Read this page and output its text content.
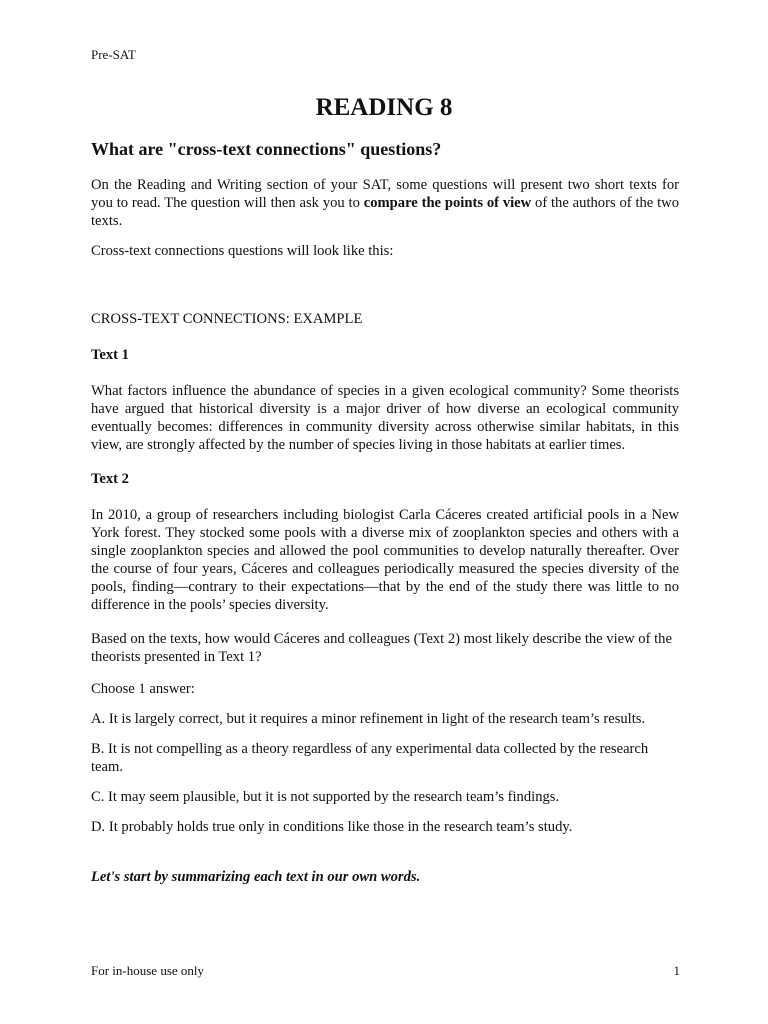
Pre-SAT
READING 8
What are "cross-text connections" questions?

On the Reading and Writing section of your SAT, some questions will present two short texts for you to read. The question will then ask you to compare the points of view of the authors of the two texts.

Cross-text connections questions will look like this:

CROSS-TEXT CONNECTIONS: EXAMPLE

Text 1

What factors influence the abundance of species in a given ecological community? Some theorists have argued that historical diversity is a major driver of how diverse an ecological community eventually becomes: differences in community diversity across otherwise similar habitats, in this view, are strongly affected by the number of species living in those habitats at earlier times.

Text 2

In 2010, a group of researchers including biologist Carla Cáceres created artificial pools in a New York forest. They stocked some pools with a diverse mix of zooplankton species and others with a single zooplankton species and allowed the pool communities to develop naturally thereafter. Over the course of four years, Cáceres and colleagues periodically measured the species diversity of the pools, finding—contrary to their expectations—that by the end of the study there was little to no difference in the pools’ species diversity.

Based on the texts, how would Cáceres and colleagues (Text 2) most likely describe the view of the theorists presented in Text 1?

Choose 1 answer:

A. It is largely correct, but it requires a minor refinement in light of the research team’s results.

B. It is not compelling as a theory regardless of any experimental data collected by the research team.

C. It may seem plausible, but it is not supported by the research team’s findings.

D. It probably holds true only in conditions like those in the research team’s study.

Let's start by summarizing each text in our own words.

For in-house use only	1
